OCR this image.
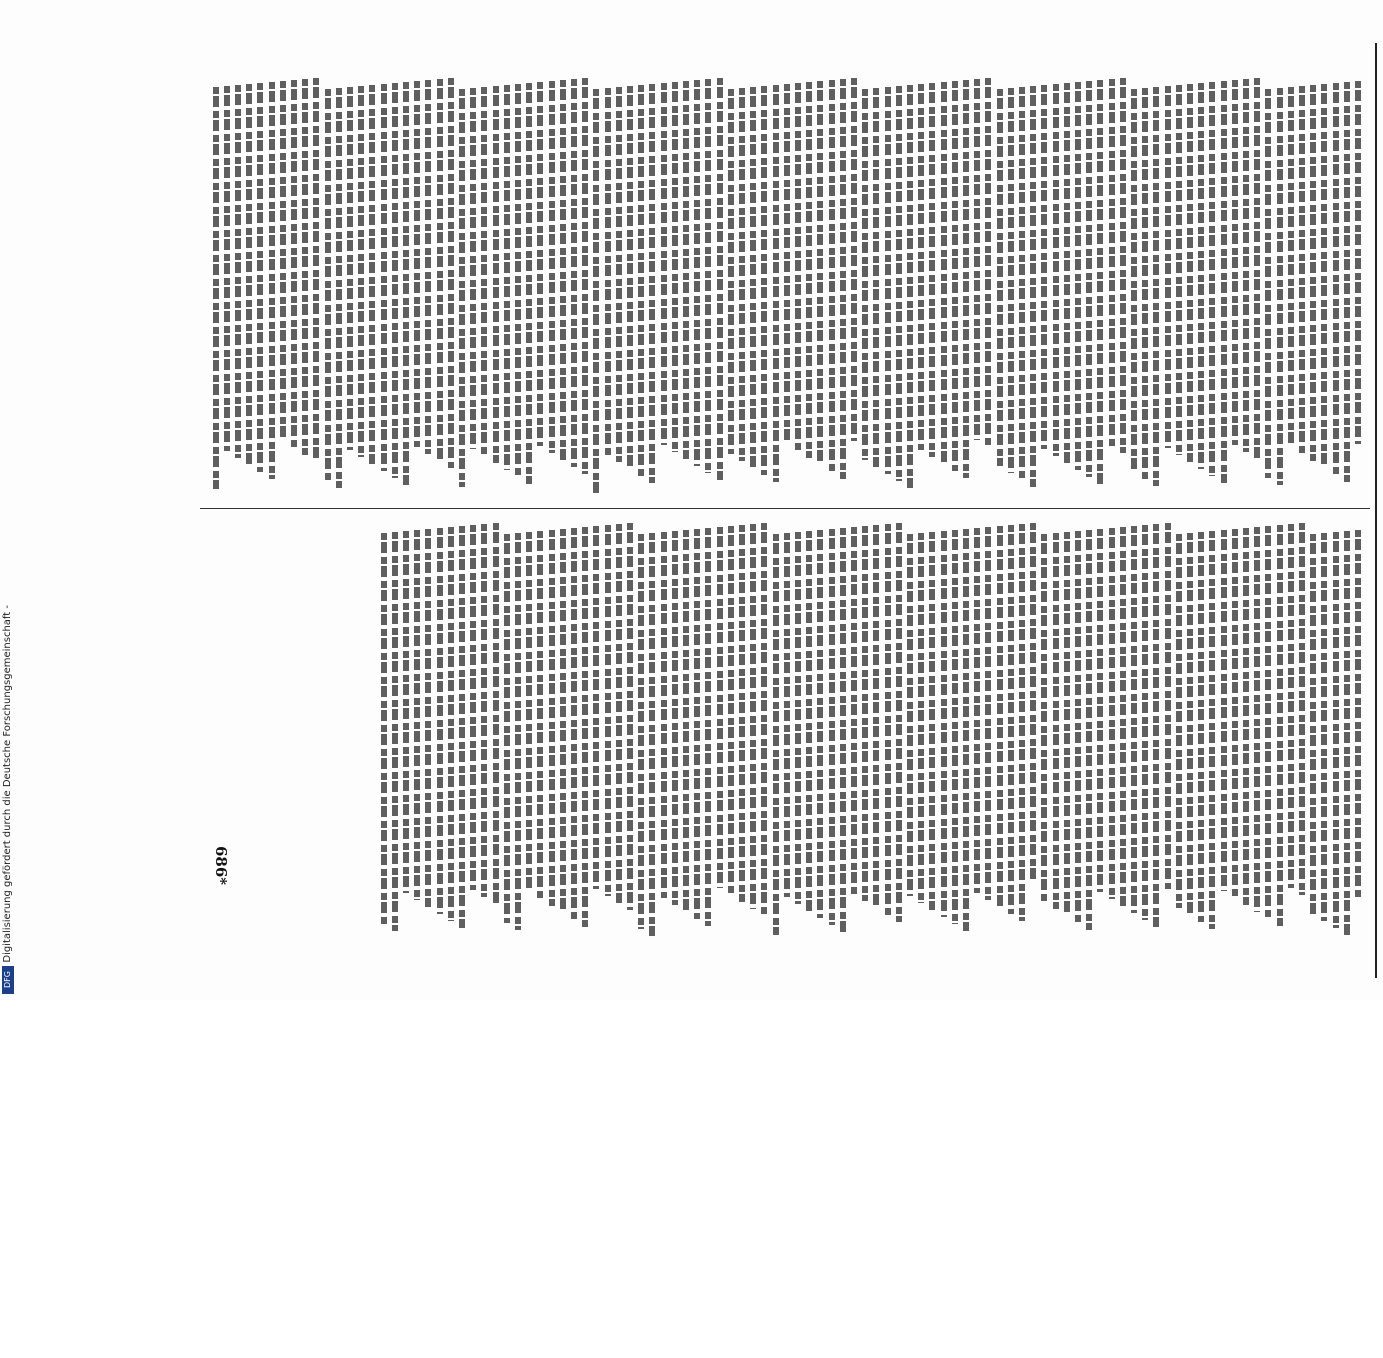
Digitalisierung gefördert durch die Deutsche Forschungsgemeinschaft -
DFG
686*
